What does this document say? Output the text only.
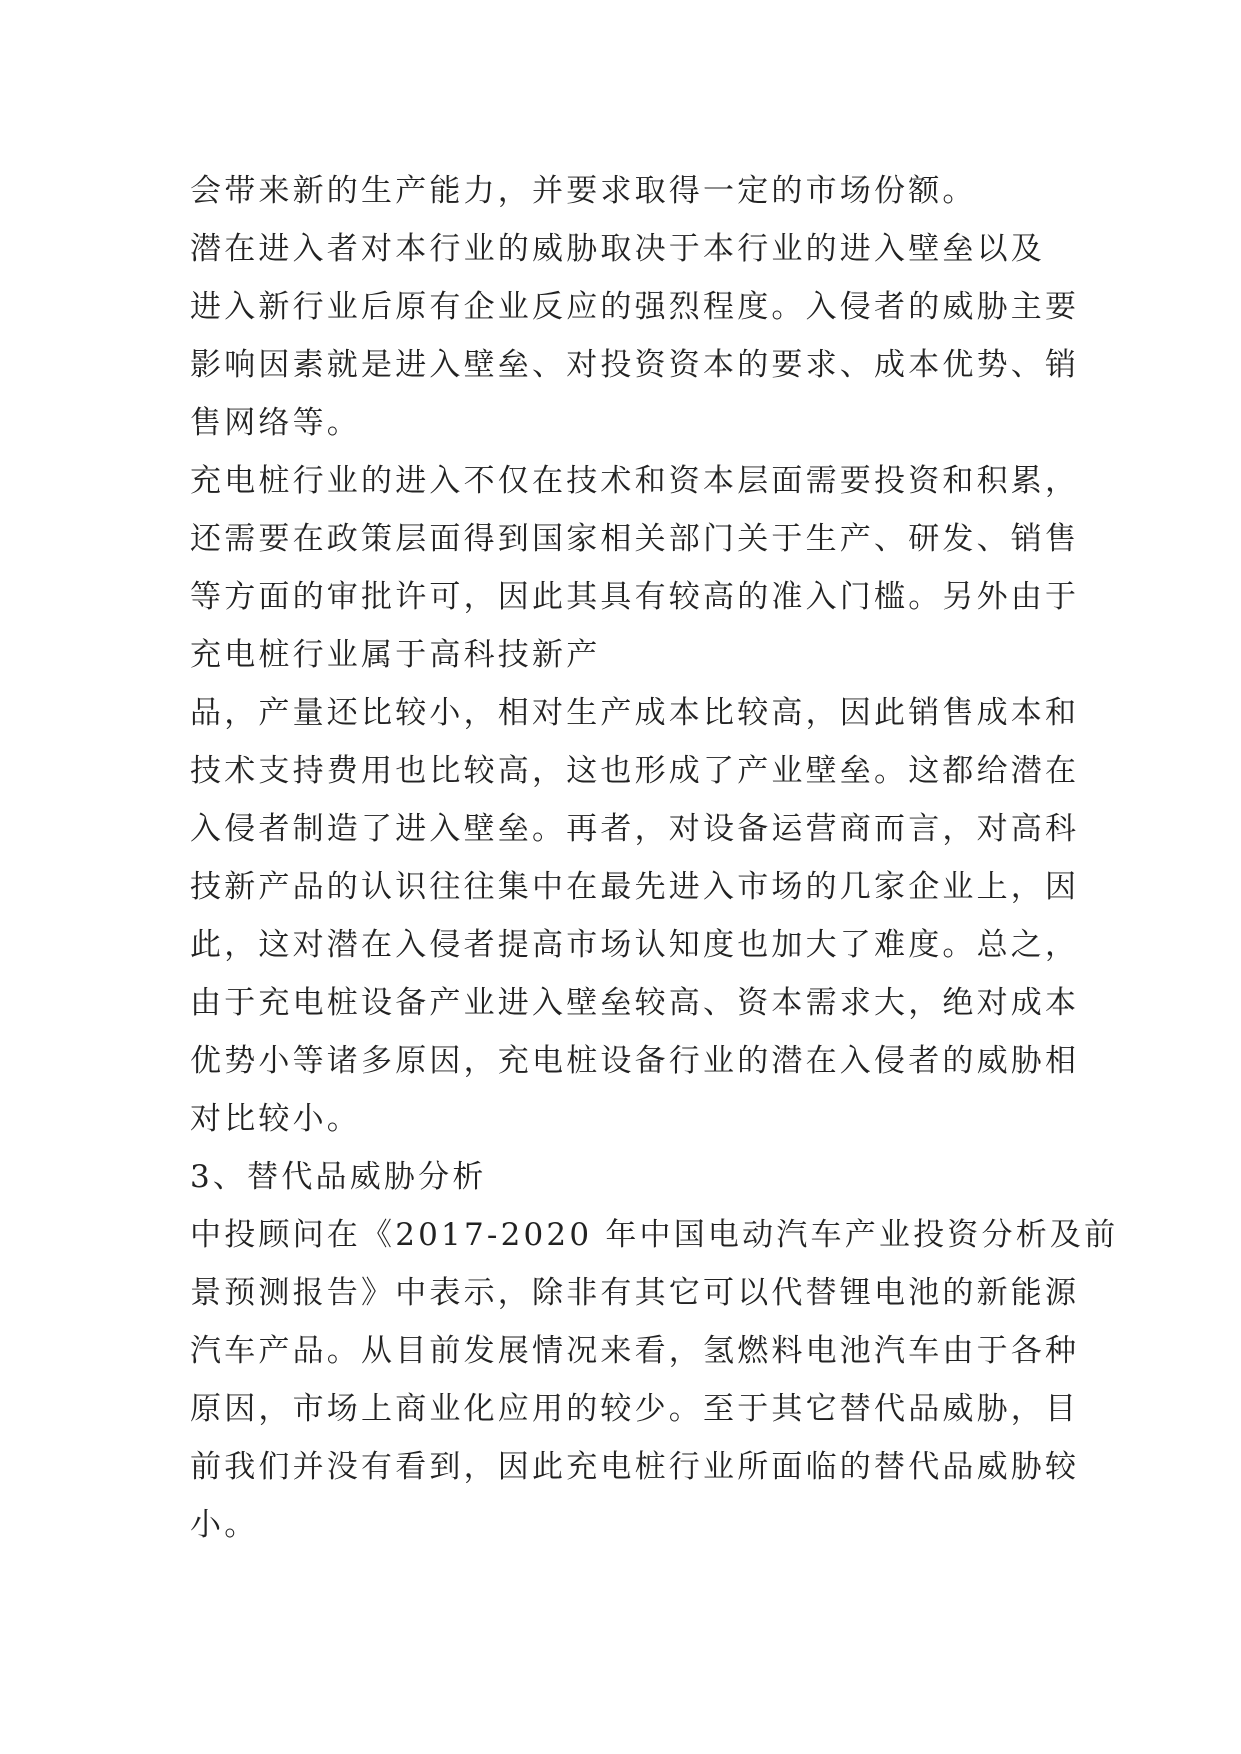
会带来新的生产能力，并要求取得一定的市场份额。
潜在进入者对本行业的威胁取决于本行业的进入壁垒以及
进入新行业后原有企业反应的强烈程度。入侵者的威胁主要
影响因素就是进入壁垒、对投资资本的要求、成本优势、销
售网络等。
充电桩行业的进入不仅在技术和资本层面需要投资和积累，
还需要在政策层面得到国家相关部门关于生产、研发、销售
等方面的审批许可，因此其具有较高的准入门槛。另外由于
充电桩行业属于高科技新产
品，产量还比较小，相对生产成本比较高，因此销售成本和
技术支持费用也比较高，这也形成了产业壁垒。这都给潜在
入侵者制造了进入壁垒。再者，对设备运营商而言，对高科
技新产品的认识往往集中在最先进入市场的几家企业上，因
此，这对潜在入侵者提高市场认知度也加大了难度。总之，
由于充电桩设备产业进入壁垒较高、资本需求大，绝对成本
优势小等诸多原因，充电桩设备行业的潜在入侵者的威胁相
对比较小。
3、替代品威胁分析
中投顾问在《2017-2020 年中国电动汽车产业投资分析及前
景预测报告》中表示，除非有其它可以代替锂电池的新能源
汽车产品。从目前发展情况来看，氢燃料电池汽车由于各种
原因，市场上商业化应用的较少。至于其它替代品威胁，目
前我们并没有看到，因此充电桩行业所面临的替代品威胁较
小。
